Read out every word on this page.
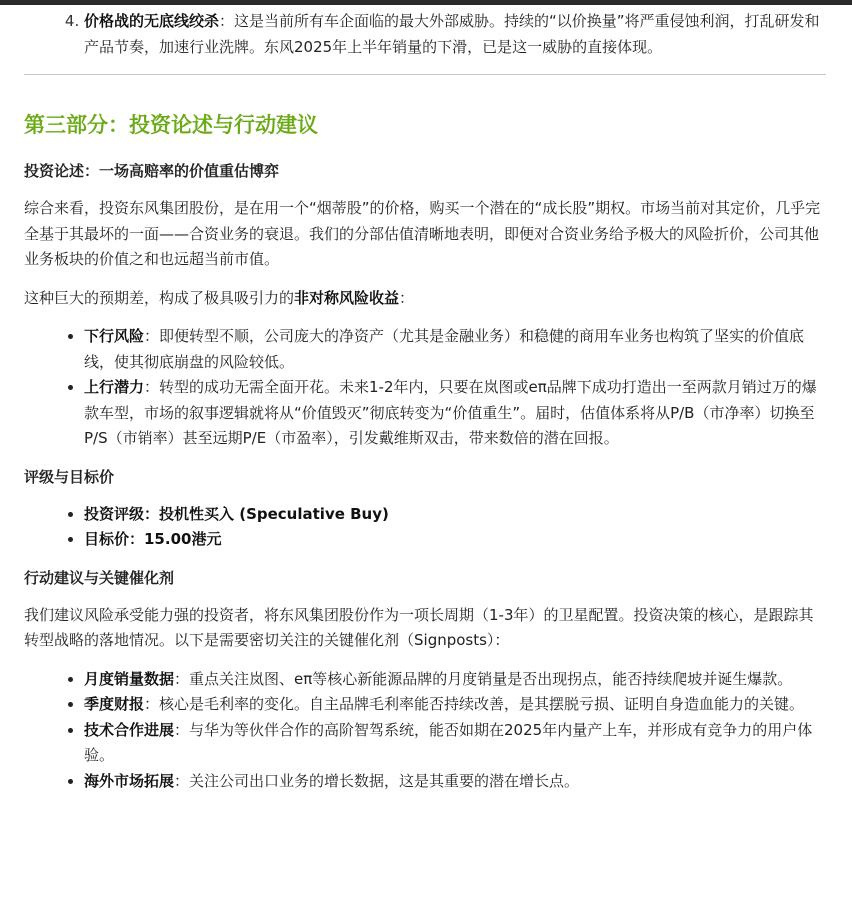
4. 价格战的无底线绞杀：这是当前所有车企面临的最大外部威胁。持续的“以价换量”将严重侵蚀利润，打乱研发和产品节奏，加速行业洗牌。东风2025年上半年销量的下滑，已是这一威胁的直接体现。
第三部分：投资论述与行动建议
投资论述：一场高赔率的价值重估博弈

综合来看，投资东风集团股份，是在用一个“烟蒂股”的价格，购买一个潜在的“成长股”期权。市场当前对其定价，几乎完全基于其最坏的一面——合资业务的衰退。我们的分部估值清晰地表明，即便对合资业务给予极大的风险折价，公司其他业务板块的价值之和也远超当前市值。

这种巨大的预期差，构成了极具吸引力的非对称风险收益：

• 下行风险：即便转型不顺，公司庞大的净资产（尤其是金融业务）和稳健的商用车业务也构筑了坚实的价值底线，使其彻底崩盘的风险较低。
• 上行潜力：转型的成功无需全面开花。未来1-2年内，只要在岚图或eπ品牌下成功打造出一至两款月销过万的爆款车型，市场的叙事逻辑就将从“价值毁灭”彻底转变为“价值重生”。届时，估值体系将从P/B（市净率）切换至P/S（市销率）甚至远期P/E（市盈率），引发戴维斯双击，带来数倍的潜在回报。
评级与目标价
• 投资评级：投机性买入 (Speculative Buy)
• 目标价：15.00港元
行动建议与关键催化剂

我们建议风险承受能力强的投资者，将东风集团股份作为一项长周期（1-3年）的卫星配置。投资决策的核心，是跟踪其转型战略的落地情况。以下是需要密切关注的关键催化剂（Signposts）：

• 月度销量数据：重点关注岚图、eπ等核心新能源品牌的月度销量是否出现拐点，能否持续爬坡并诞生爆款。
• 季度财报：核心是毛利率的变化。自主品牌毛利率能否持续改善，是其摆脱亏损、证明自身造血能力的关键。
• 技术合作进展：与华为等伙伴合作的高阶智驾系统，能否如期在2025年内量产上车，并形成有竞争力的用户体验。
• 海外市场拓展：关注公司出口业务的增长数据，这是其重要的潜在增长点。
